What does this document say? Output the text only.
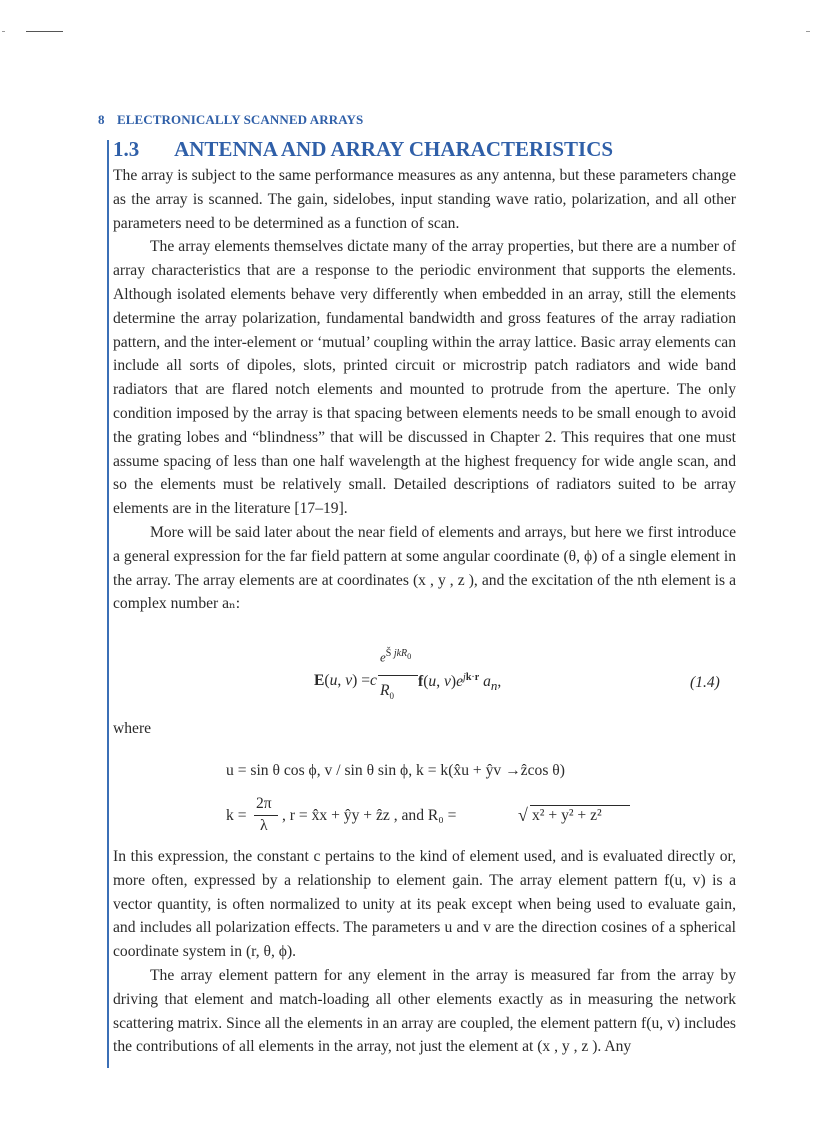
8 ELECTRONICALLY SCANNED ARRAYS
1.3 ANTENNA AND ARRAY CHARACTERISTICS

The array is subject to the same performance measures as any antenna, but these parameters change as the array is scanned. The gain, sidelobes, input standing wave ratio, polarization, and all other parameters need to be determined as a function of scan.

The array elements themselves dictate many of the array properties, but there are a number of array characteristics that are a response to the periodic environment that supports the elements. Although isolated elements behave very differently when embedded in an array, still the elements determine the array polarization, fundamental bandwidth and gross features of the array radiation pattern, and the inter-element or ‘mutual’ coupling within the array lattice. Basic array elements can include all sorts of dipoles, slots, printed circuit or microstrip patch radiators and wide band radiators that are flared notch elements and mounted to protrude from the aperture. The only condition imposed by the array is that spacing between elements needs to be small enough to avoid the grating lobes and “blindness” that will be discussed in Chapter 2. This requires that one must assume spacing of less than one half wavelength at the highest frequency for wide angle scan, and so the elements must be relatively small. Detailed descriptions of radiators suited to be array elements are in the literature [17–19].

More will be said later about the near field of elements and arrays, but here we first introduce a general expression for the far field pattern at some angular coordinate (θ, ϕ) of a single element in the array. The array elements are at coordinates (x , y , z ), and the excitation of the nth element is a complex number aₙ:

E(u, v) = c
$e^{Š jkR_0}$
$R_0$
f(u, $v)e^{jk\cdot r}$ $a_n$,	(1.4)
where
u = sin θ cos ϕ, v / sin θ sin ϕ, k = k(x̂u + ŷv →ẑcos θ)
k =
2π
λ
, r = x̂x + ŷy + ẑz , and R₀ =	√ x² + y² + z²

In this expression, the constant c pertains to the kind of element used, and is evaluated directly or, more often, expressed by a relationship to element gain. The array element pattern f(u, v) is a vector quantity, is often normalized to unity at its peak except when being used to evaluate gain, and includes all polarization effects. The parameters u and v are the direction cosines of a spherical coordinate system in (r, θ, ϕ).

The array element pattern for any element in the array is measured far from the array by driving that element and match-loading all other elements exactly as in measuring the network scattering matrix. Since all the elements in an array are coupled, the element pattern f(u, v) includes the contributions of all elements in the array, not just the element at (x , y , z ). Any
